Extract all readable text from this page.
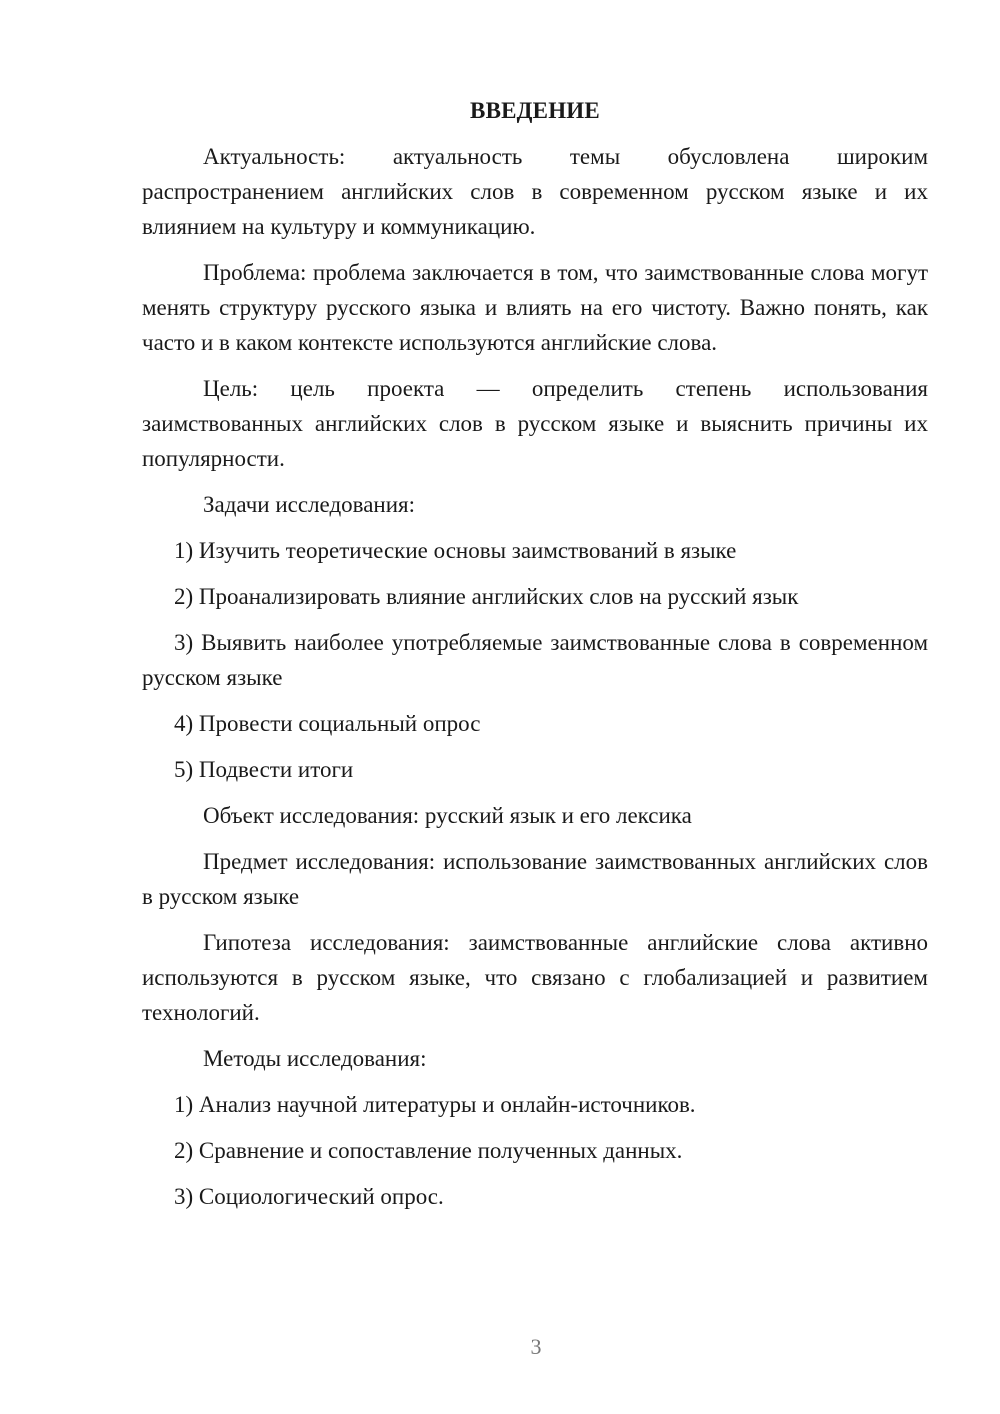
ВВЕДЕНИЕ

Актуальность: актуальность темы обусловлена широким распространением английских слов в современном русском языке и их влиянием на культуру и коммуникацию.

Проблема: проблема заключается в том, что заимствованные слова могут менять структуру русского языка и влиять на его чистоту. Важно понять, как часто и в каком контексте используются английские слова.

Цель: цель проекта — определить степень использования заимствованных английских слов в русском языке и выяснить причины их популярности.

Задачи исследования:

1) Изучить теоретические основы заимствований в языке

2) Проанализировать влияние английских слов на русский язык

3) Выявить наиболее употребляемые заимствованные слова в современном русском языке

4) Провести социальный опрос

5) Подвести итоги

Объект исследования: русский язык и его лексика

Предмет исследования: использование заимствованных английских слов в русском языке

Гипотеза исследования: заимствованные английские слова активно используются в русском языке, что связано с глобализацией и развитием технологий.

Методы исследования:

1) Анализ научной литературы и онлайн-источников.

2) Сравнение и сопоставление полученных данных.

3) Социологический опрос.

3
